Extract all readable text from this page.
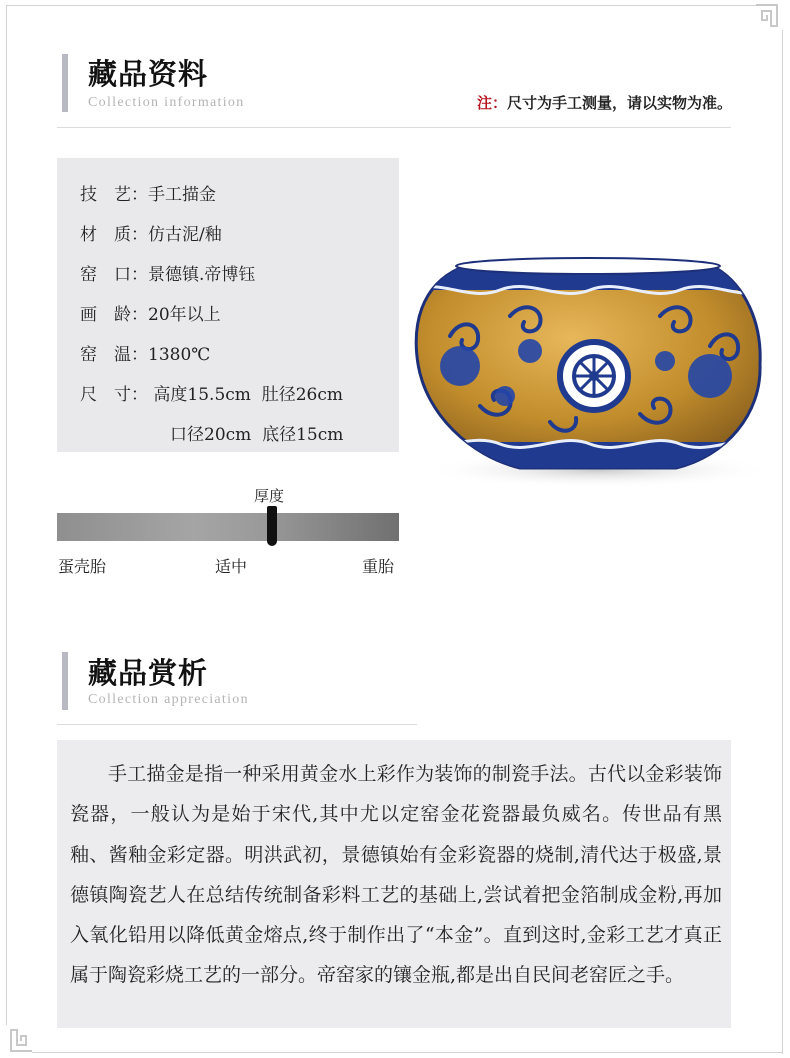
藏品资料
Collection information	注：尺寸为手工测量，请以实物为准。
技　艺：手工描金
材　质：仿古泥/釉
窑　口：景德镇.帝博钰
画　龄：20年以上
窑　温：1380℃
尺　寸： 高度15.5cm  肚径26cm
口径20cm  底径15cm
厚度
蛋壳胎	适中	重胎
藏品赏析
Collection appreciation

手工描金是指一种采用黄金水上彩作为装饰的制瓷手法。古代以金彩装饰瓷器，一般认为是始于宋代,其中尤以定窑金花瓷器最负威名。传世品有黑釉、酱釉金彩定器。明洪武初，景德镇始有金彩瓷器的烧制,清代达于极盛,景德镇陶瓷艺人在总结传统制备彩料工艺的基础上,尝试着把金箔制成金粉,再加入氧化铅用以降低黄金熔点,终于制作出了“本金”。直到这时,金彩工艺才真正属于陶瓷彩烧工艺的一部分。帝窑家的镶金瓶,都是出自民间老窑匠之手。
